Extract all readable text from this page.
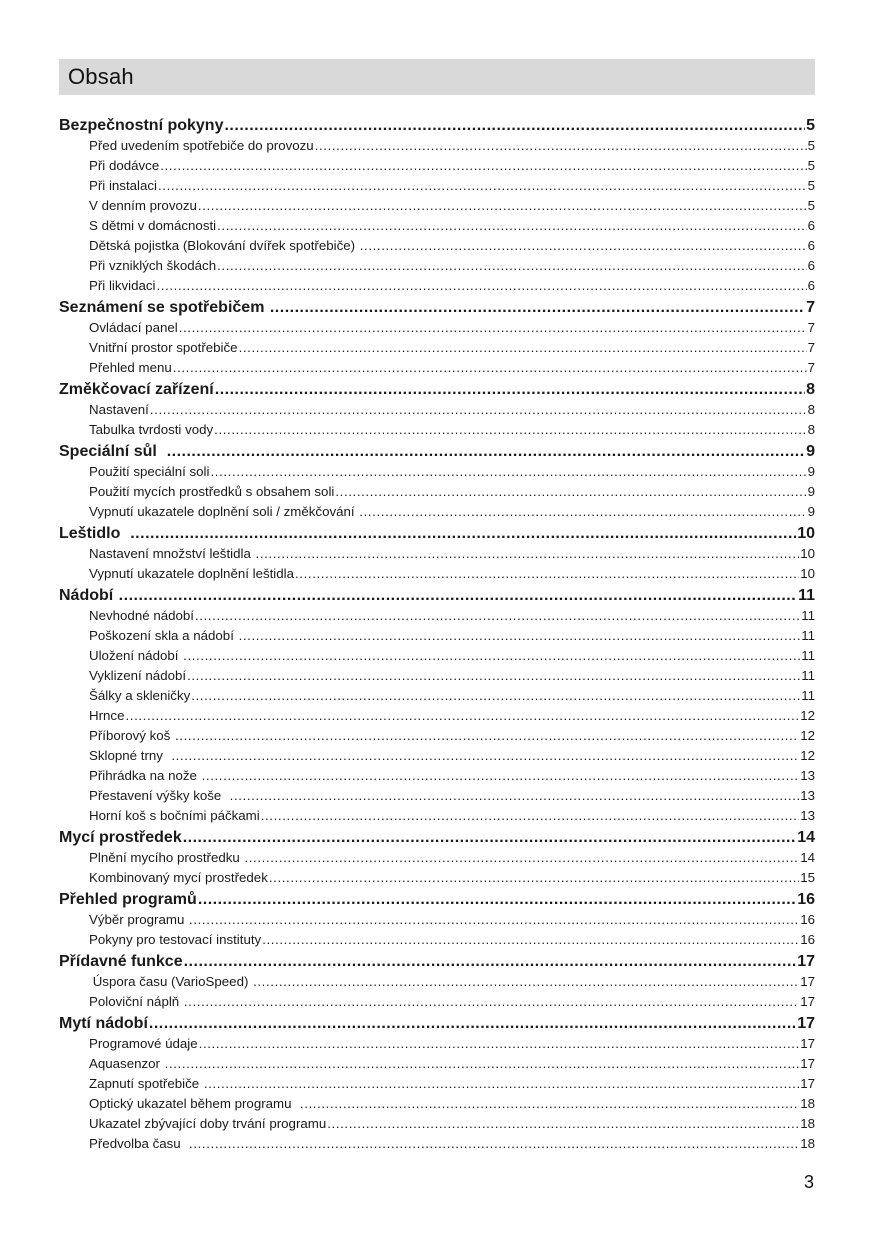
Obsah
Bezpečnostní pokyny .....	5
Před uvedením spotřebiče do provozu .....	5
Při dodávce .....	5
Při instalaci .....	5
V denním provozu .....	5
S dětmi v domácnosti .....	6
Dětská pojistka (Blokování dvířek spotřebiče) .....	6
Při vzniklých škodách .....	6
Při likvidaci .....	6
Seznámení se spotřebičem .....	7
Ovládací panel .....	7
Vnitřní prostor spotřebiče .....	7
Přehled menu .....	7
Změkčovací zařízení .....	8
Nastavení .....	8
Tabulka tvrdosti vody .....	8
Speciální sůl .....	9
Použití speciální soli .....	9
Použití mycích prostředků s obsahem soli .....	9
Vypnutí ukazatele doplnění soli / změkčování .....	9
Leštidlo .....	10
Nastavení množství leštidla .....	10
Vypnutí ukazatele doplnění leštidla .....	10
Nádobí .....	11
Nevhodné nádobí .....	11
Poškození skla a nádobí .....	11
Uložení nádobí .....	11
Vyklizení nádobí .....	11
Šálky a skleničky .....	11
Hrnce .....	12
Příborový koš .....	12
Sklopné trny .....	12
Přihrádka na nože .....	13
Přestavení výšky koše .....	13
Horní koš s bočními páčkami .....	13
Mycí prostředek .....	14
Plnění mycího prostředku .....	14
Kombinovaný mycí prostředek .....	15
Přehled programů .....	16
Výběr programu .....	16
Pokyny pro testovací instituty .....	16
Přídavné funkce .....	17
Úspora času (VarioSpeed) .....	17
Poloviční náplň .....	17
Mytí nádobí .....	17
Programové údaje .....	17
Aquasenzor .....	17
Zapnutí spotřebiče .....	17
Optický ukazatel během programu .....	18
Ukazatel zbývající doby trvání programu .....	18
Předvolba času .....	18
3
